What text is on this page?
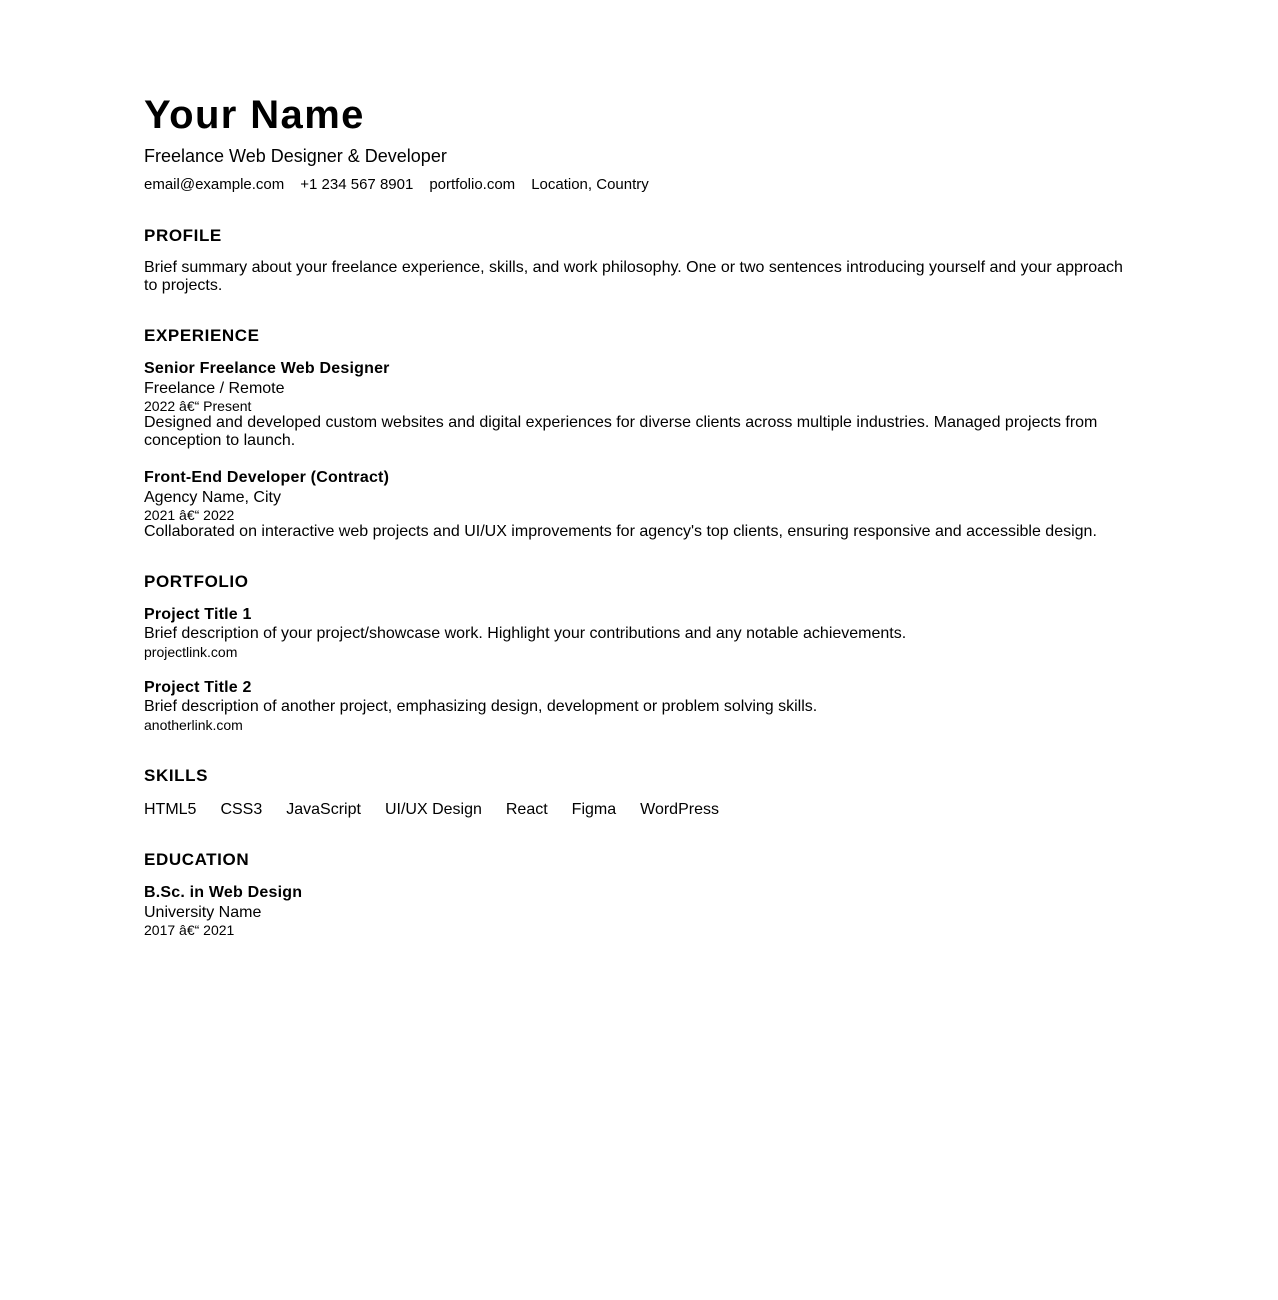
Your Name
Freelance Web Designer & Developer
email@example.com +1 234 567 8901 portfolio.com Location, Country
PROFILE

Brief summary about your freelance experience, skills, and work philosophy. One or two sentences introducing yourself and your approach to projects.

EXPERIENCE
Senior Freelance Web Designer
Freelance / Remote
2022 â€“ Present
Designed and developed custom websites and digital experiences for diverse clients across multiple industries. Managed projects from conception to launch.
Front-End Developer (Contract)
Agency Name, City
2021 â€“ 2022
Collaborated on interactive web projects and UI/UX improvements for agency's top clients, ensuring responsive and accessible design.
PORTFOLIO
Project Title 1
Brief description of your project/showcase work. Highlight your contributions and any notable achievements.
projectlink.com
Project Title 2
Brief description of another project, emphasizing design, development or problem solving skills.
anotherlink.com
SKILLS
HTML5 CSS3 JavaScript UI/UX Design React Figma WordPress
EDUCATION
B.Sc. in Web Design
University Name
2017 â€“ 2021
